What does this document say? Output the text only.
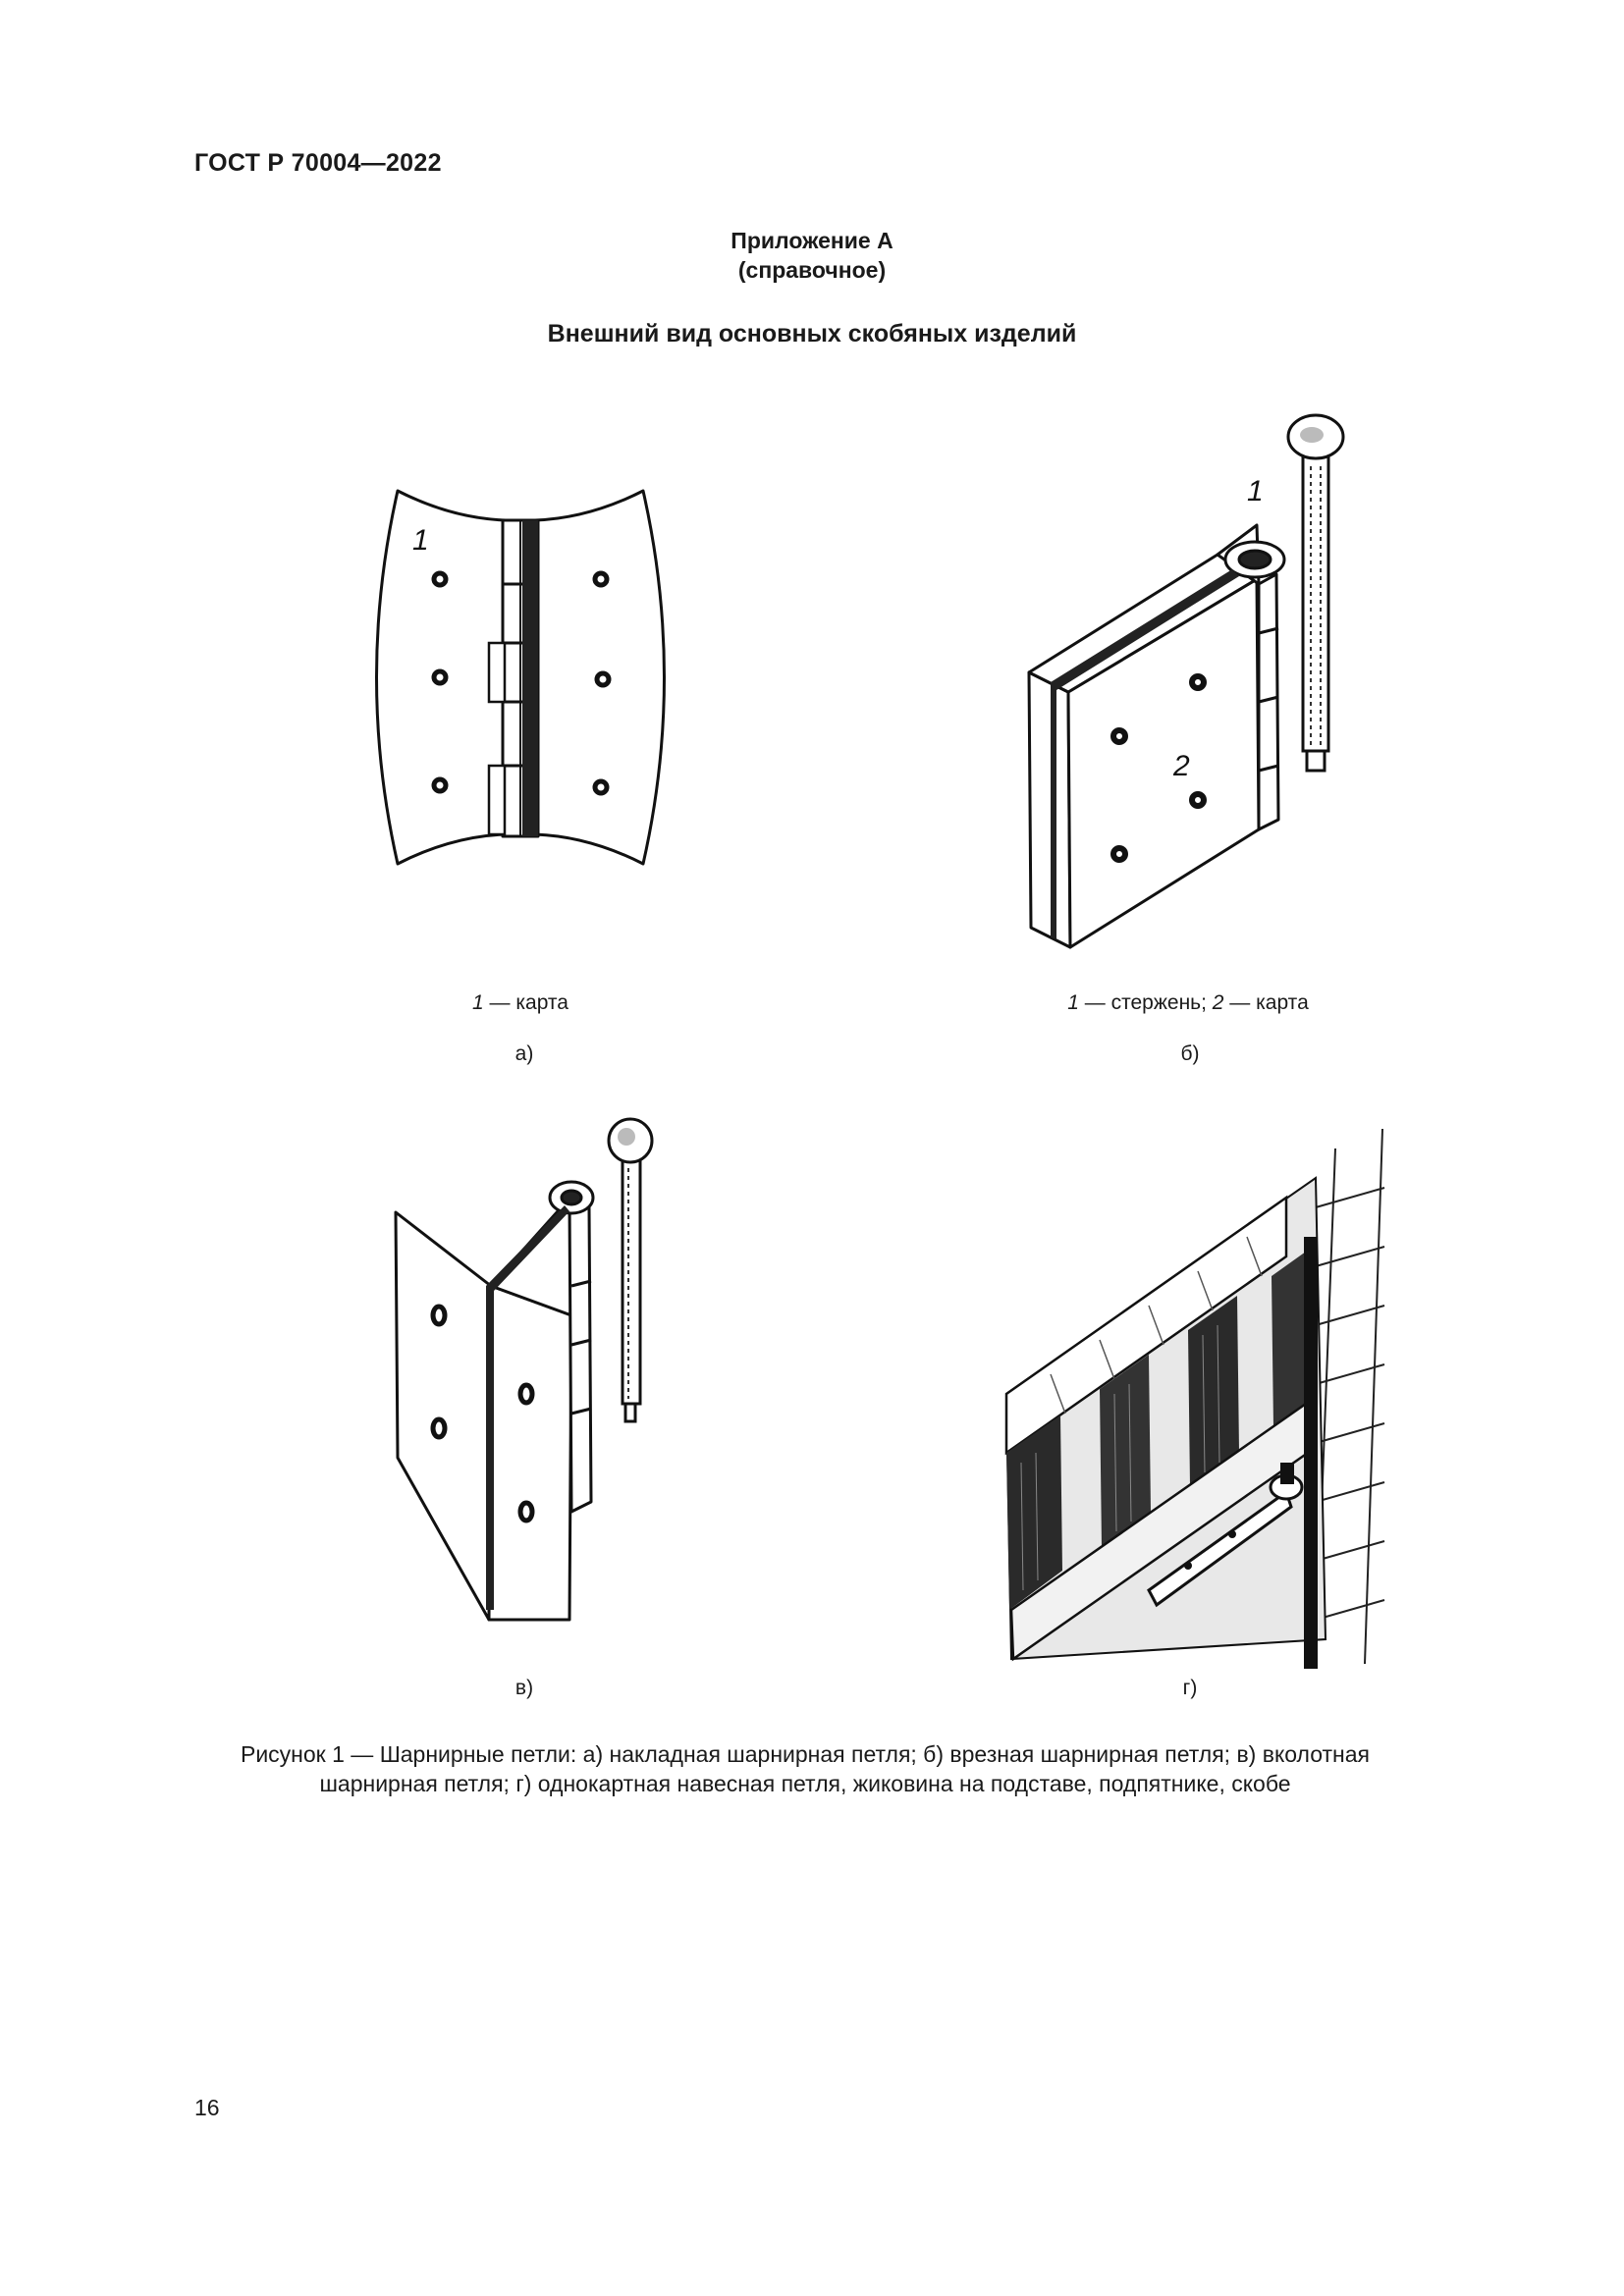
ГОСТ Р 70004—2022
Приложение А
(справочное)
Внешний вид основных скобяных изделий
1
1 — карта
а)
1
2
1 — стержень; 2 — карта
б)
в)	г)
Рисунок 1 — Шарнирные петли: а) накладная шарнирная петля; б) врезная шарнирная петля; в) вколотная
шарнирная петля; г) однокартная навесная петля, жиковина на подставе, подпятнике, скобе
16
